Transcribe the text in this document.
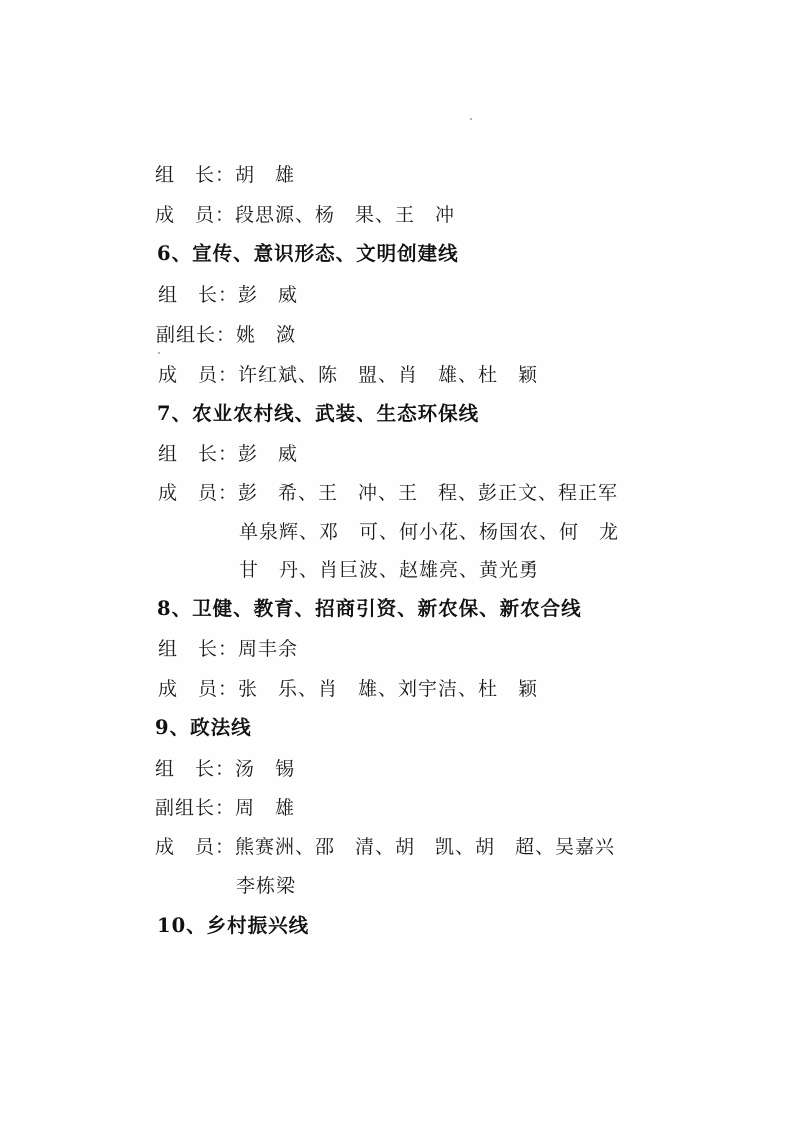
组　长：胡　雄
成　员：段思源、杨　果、王　冲
6、宣传、意识形态、文明创建线
组　长：彭　威
副组长：姚　潋
成　员：许红斌、陈　盟、肖　雄、杜　颖
7、农业农村线、武装、生态环保线
组　长：彭　威
成　员：彭　希、王　冲、王　程、彭正文、程正军
单泉辉、邓　可、何小花、杨国农、何　龙
甘　丹、肖巨波、赵雄亮、黄光勇
8、卫健、教育、招商引资、新农保、新农合线
组　长：周丰余
成　员：张　乐、肖　雄、刘宇洁、杜　颖
9、政法线
组　长：汤　锡
副组长：周　雄
成　员：熊赛洲、邵　清、胡　凯、胡　超、吴嘉兴
李栋梁
10、乡村振兴线
